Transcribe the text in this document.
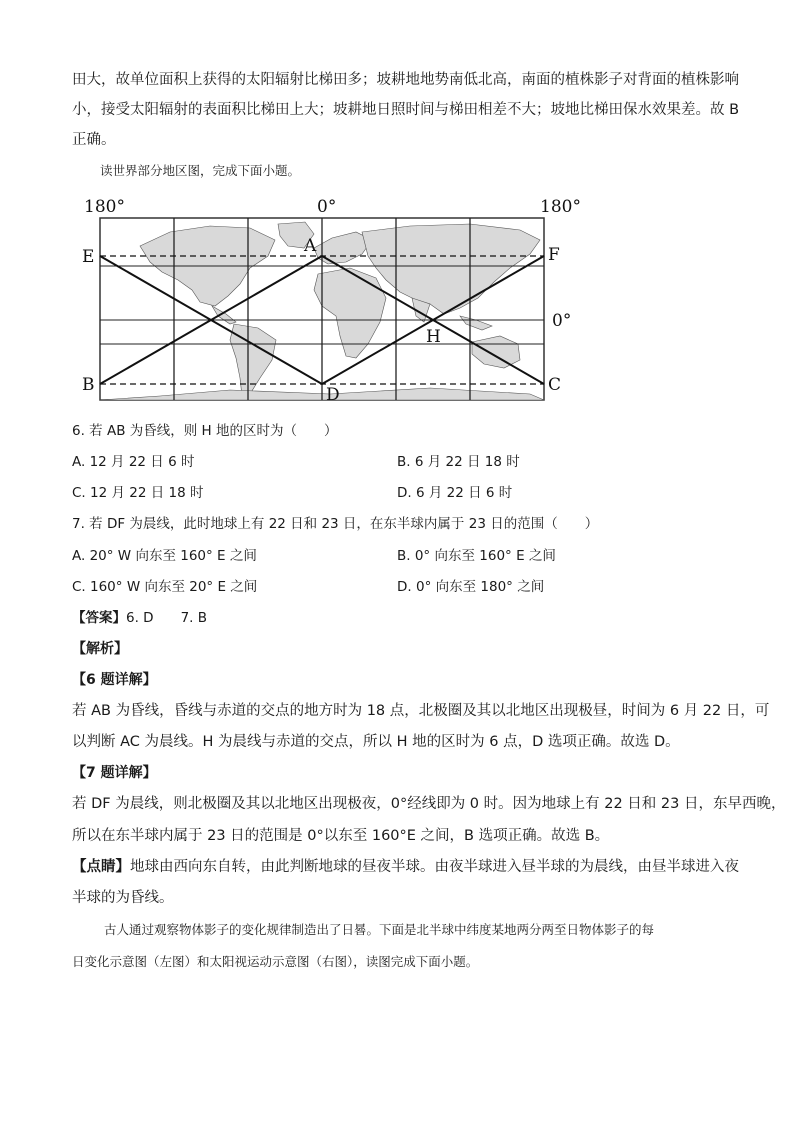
田大，故单位面积上获得的太阳辐射比梯田多；坡耕地地势南低北高，南面的植株影子对背面的植株影响
小，接受太阳辐射的表面积比梯田上大；坡耕地日照时间与梯田相差不大；坡地比梯田保水效果差。故 B
正确。
读世界部分地区图，完成下面小题。
180°	0°	180°
A
E	F
0°
H
B	C
D
6. 若 AB 为昏线，则 H 地的区时为（　　）
A. 12 月 22 日 6 时	B. 6 月 22 日 18 时
C. 12 月 22 日 18 时	D. 6 月 22 日 6 时
7. 若 DF 为晨线，此时地球上有 22 日和 23 日，在东半球内属于 23 日的范围（　　）
A. 20° W 向东至 160° E 之间	B. 0° 向东至 160° E 之间
C. 160° W 向东至 20° E 之间	D. 0° 向东至 180° 之间
【答案】6. D　　7. B
【解析】
【6 题详解】
若 AB 为昏线，昏线与赤道的交点的地方时为 18 点，北极圈及其以北地区出现极昼，时间为 6 月 22 日，可
以判断 AC 为晨线。H 为晨线与赤道的交点，所以 H 地的区时为 6 点，D 选项正确。故选 D。
【7 题详解】
若 DF 为晨线，则北极圈及其以北地区出现极夜，0°经线即为 0 时。因为地球上有 22 日和 23 日，东早西晚，
所以在东半球内属于 23 日的范围是 0°以东至 160°E 之间，B 选项正确。故选 B。
【点睛】地球由西向东自转，由此判断地球的昼夜半球。由夜半球进入昼半球的为晨线，由昼半球进入夜
半球的为昏线。
古人通过观察物体影子的变化规律制造出了日晷。下面是北半球中纬度某地两分两至日物体影子的每
日变化示意图（左图）和太阳视运动示意图（右图），读图完成下面小题。
